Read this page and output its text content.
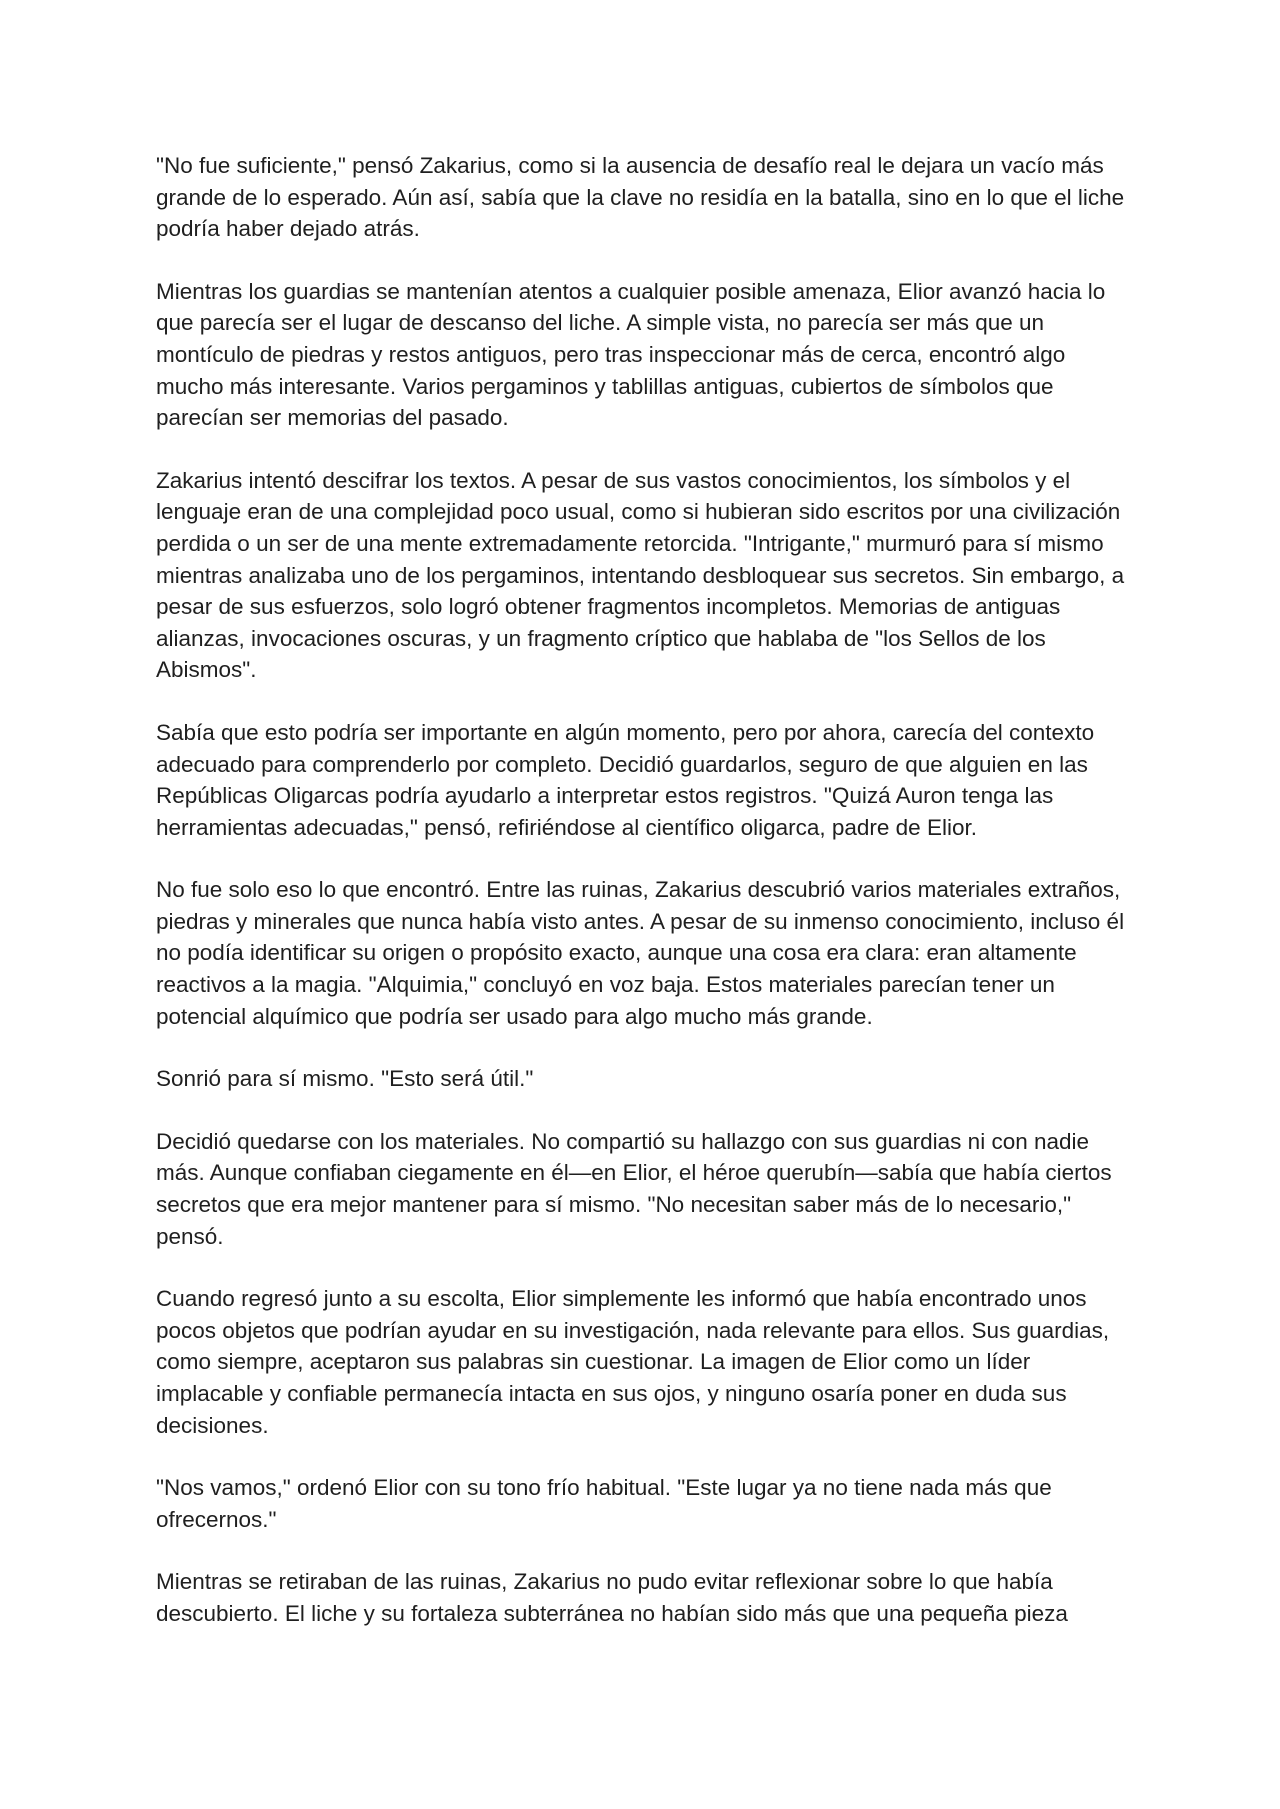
"No fue suficiente," pensó Zakarius, como si la ausencia de desafío real le dejara un vacío más grande de lo esperado. Aún así, sabía que la clave no residía en la batalla, sino en lo que el liche podría haber dejado atrás.

Mientras los guardias se mantenían atentos a cualquier posible amenaza, Elior avanzó hacia lo que parecía ser el lugar de descanso del liche. A simple vista, no parecía ser más que un montículo de piedras y restos antiguos, pero tras inspeccionar más de cerca, encontró algo mucho más interesante. Varios pergaminos y tablillas antiguas, cubiertos de símbolos que parecían ser memorias del pasado.

Zakarius intentó descifrar los textos. A pesar de sus vastos conocimientos, los símbolos y el lenguaje eran de una complejidad poco usual, como si hubieran sido escritos por una civilización perdida o un ser de una mente extremadamente retorcida. "Intrigante," murmuró para sí mismo mientras analizaba uno de los pergaminos, intentando desbloquear sus secretos. Sin embargo, a pesar de sus esfuerzos, solo logró obtener fragmentos incompletos. Memorias de antiguas alianzas, invocaciones oscuras, y un fragmento críptico que hablaba de "los Sellos de los Abismos".

Sabía que esto podría ser importante en algún momento, pero por ahora, carecía del contexto adecuado para comprenderlo por completo. Decidió guardarlos, seguro de que alguien en las Repúblicas Oligarcas podría ayudarlo a interpretar estos registros. "Quizá Auron tenga las herramientas adecuadas," pensó, refiriéndose al científico oligarca, padre de Elior.

No fue solo eso lo que encontró. Entre las ruinas, Zakarius descubrió varios materiales extraños, piedras y minerales que nunca había visto antes. A pesar de su inmenso conocimiento, incluso él no podía identificar su origen o propósito exacto, aunque una cosa era clara: eran altamente reactivos a la magia. "Alquimia," concluyó en voz baja. Estos materiales parecían tener un potencial alquímico que podría ser usado para algo mucho más grande.

Sonrió para sí mismo. "Esto será útil."

Decidió quedarse con los materiales. No compartió su hallazgo con sus guardias ni con nadie más. Aunque confiaban ciegamente en él—en Elior, el héroe querubín—sabía que había ciertos secretos que era mejor mantener para sí mismo. "No necesitan saber más de lo necesario," pensó.

Cuando regresó junto a su escolta, Elior simplemente les informó que había encontrado unos pocos objetos que podrían ayudar en su investigación, nada relevante para ellos. Sus guardias, como siempre, aceptaron sus palabras sin cuestionar. La imagen de Elior como un líder implacable y confiable permanecía intacta en sus ojos, y ninguno osaría poner en duda sus decisiones.

"Nos vamos," ordenó Elior con su tono frío habitual. "Este lugar ya no tiene nada más que ofrecernos."

Mientras se retiraban de las ruinas, Zakarius no pudo evitar reflexionar sobre lo que había descubierto. El liche y su fortaleza subterránea no habían sido más que una pequeña pieza
